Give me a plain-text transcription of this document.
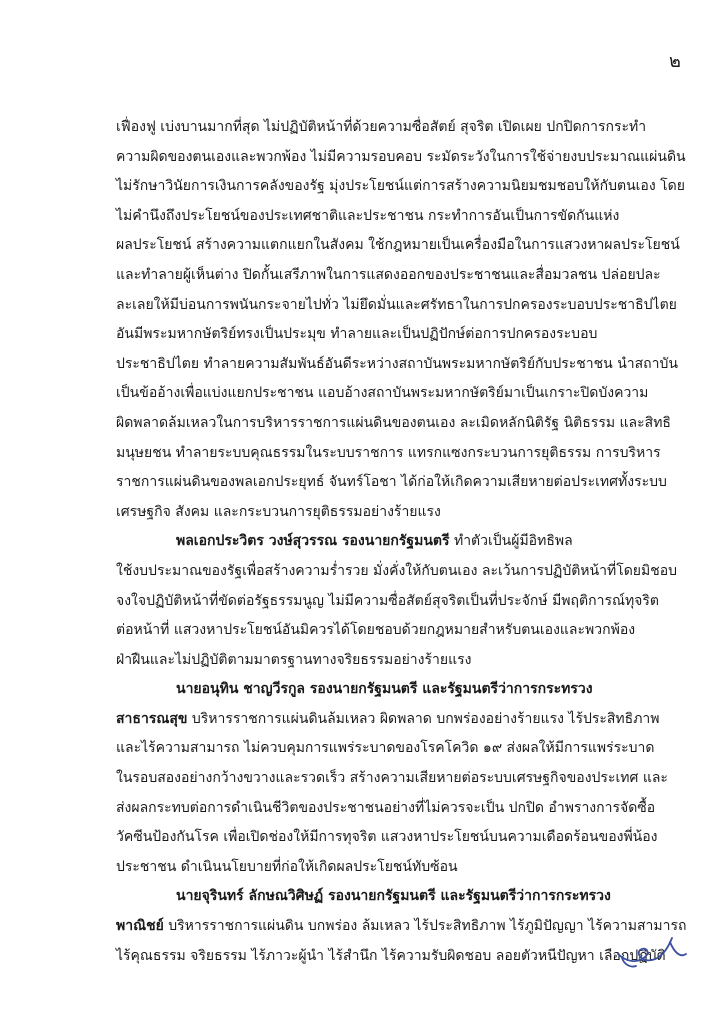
๒
เฟื่องฟู เบ่งบานมากที่สุด ไม่ปฏิบัติหน้าที่ด้วยความซื่อสัตย์ สุจริต เปิดเผย ปกปิดการกระทำ
ความผิดของตนเองและพวกพ้อง ไม่มีความรอบคอบ ระมัดระวังในการใช้จ่ายงบประมาณแผ่นดิน
ไม่รักษาวินัยการเงินการคลังของรัฐ มุ่งประโยชน์แต่การสร้างความนิยมชมชอบให้กับตนเอง โดย
ไม่คำนึงถึงประโยชน์ของประเทศชาติและประชาชน กระทำการอันเป็นการขัดกันแห่ง
ผลประโยชน์ สร้างความแตกแยกในสังคม ใช้กฎหมายเป็นเครื่องมือในการแสวงหาผลประโยชน์
และทำลายผู้เห็นต่าง ปิดกั้นเสรีภาพในการแสดงออกของประชาชนและสื่อมวลชน ปล่อยปละ
ละเลยให้มีบ่อนการพนันกระจายไปทั่ว ไม่ยึดมั่นและศรัทธาในการปกครองระบอบประชาธิปไตย
อันมีพระมหากษัตริย์ทรงเป็นประมุข ทำลายและเป็นปฏิปักษ์ต่อการปกครองระบอบ
ประชาธิปไตย ทำลายความสัมพันธ์อันดีระหว่างสถาบันพระมหากษัตริย์กับประชาชน นำสถาบัน
เป็นข้ออ้างเพื่อแบ่งแยกประชาชน แอบอ้างสถาบันพระมหากษัตริย์มาเป็นเกราะปิดบังความ
ผิดพลาดล้มเหลวในการบริหารราชการแผ่นดินของตนเอง ละเมิดหลักนิติรัฐ นิติธรรม และสิทธิ
มนุษยชน ทำลายระบบคุณธรรมในระบบราชการ แทรกแซงกระบวนการยุติธรรม การบริหาร
ราชการแผ่นดินของพลเอกประยุทธ์ จันทร์โอชา ได้ก่อให้เกิดความเสียหายต่อประเทศทั้งระบบ
เศรษฐกิจ สังคม และกระบวนการยุติธรรมอย่างร้ายแรง
พลเอกประวิตร วงษ์สุวรรณ รองนายกรัฐมนตรี ทำตัวเป็นผู้มีอิทธิพล
ใช้งบประมาณของรัฐเพื่อสร้างความร่ำรวย มั่งคั่งให้กับตนเอง ละเว้นการปฏิบัติหน้าที่โดยมิชอบ
จงใจปฏิบัติหน้าที่ขัดต่อรัฐธรรมนูญ ไม่มีความซื่อสัตย์สุจริตเป็นที่ประจักษ์ มีพฤติการณ์ทุจริต
ต่อหน้าที่ แสวงหาประโยชน์อันมิควรได้โดยชอบด้วยกฎหมายสำหรับตนเองและพวกพ้อง
ฝ่าฝืนและไม่ปฏิบัติตามมาตรฐานทางจริยธรรมอย่างร้ายแรง
นายอนุทิน ชาญวีรกูล รองนายกรัฐมนตรี และรัฐมนตรีว่าการกระทรวง
สาธารณสุข บริหารราชการแผ่นดินล้มเหลว ผิดพลาด บกพร่องอย่างร้ายแรง ไร้ประสิทธิภาพ
และไร้ความสามารถ ไม่ควบคุมการแพร่ระบาดของโรคโควิด ๑๙ ส่งผลให้มีการแพร่ระบาด
ในรอบสองอย่างกว้างขวางและรวดเร็ว สร้างความเสียหายต่อระบบเศรษฐกิจของประเทศ และ
ส่งผลกระทบต่อการดำเนินชีวิตของประชาชนอย่างที่ไม่ควรจะเป็น ปกปิด อำพรางการจัดซื้อ
วัคซีนป้องกันโรค เพื่อเปิดช่องให้มีการทุจริต แสวงหาประโยชน์บนความเดือดร้อนของพี่น้อง
ประชาชน ดำเนินนโยบายที่ก่อให้เกิดผลประโยชน์ทับซ้อน
นายจุรินทร์ ลักษณวิศิษฏ์ รองนายกรัฐมนตรี และรัฐมนตรีว่าการกระทรวง
พาณิชย์ บริหารราชการแผ่นดิน บกพร่อง ล้มเหลว ไร้ประสิทธิภาพ ไร้ภูมิปัญญา ไร้ความสามารถ
ไร้คุณธรรม จริยธรรม ไร้ภาวะผู้นำ ไร้สำนึก ไร้ความรับผิดชอบ ลอยตัวหนีปัญหา เลือกปฏิบัติ
